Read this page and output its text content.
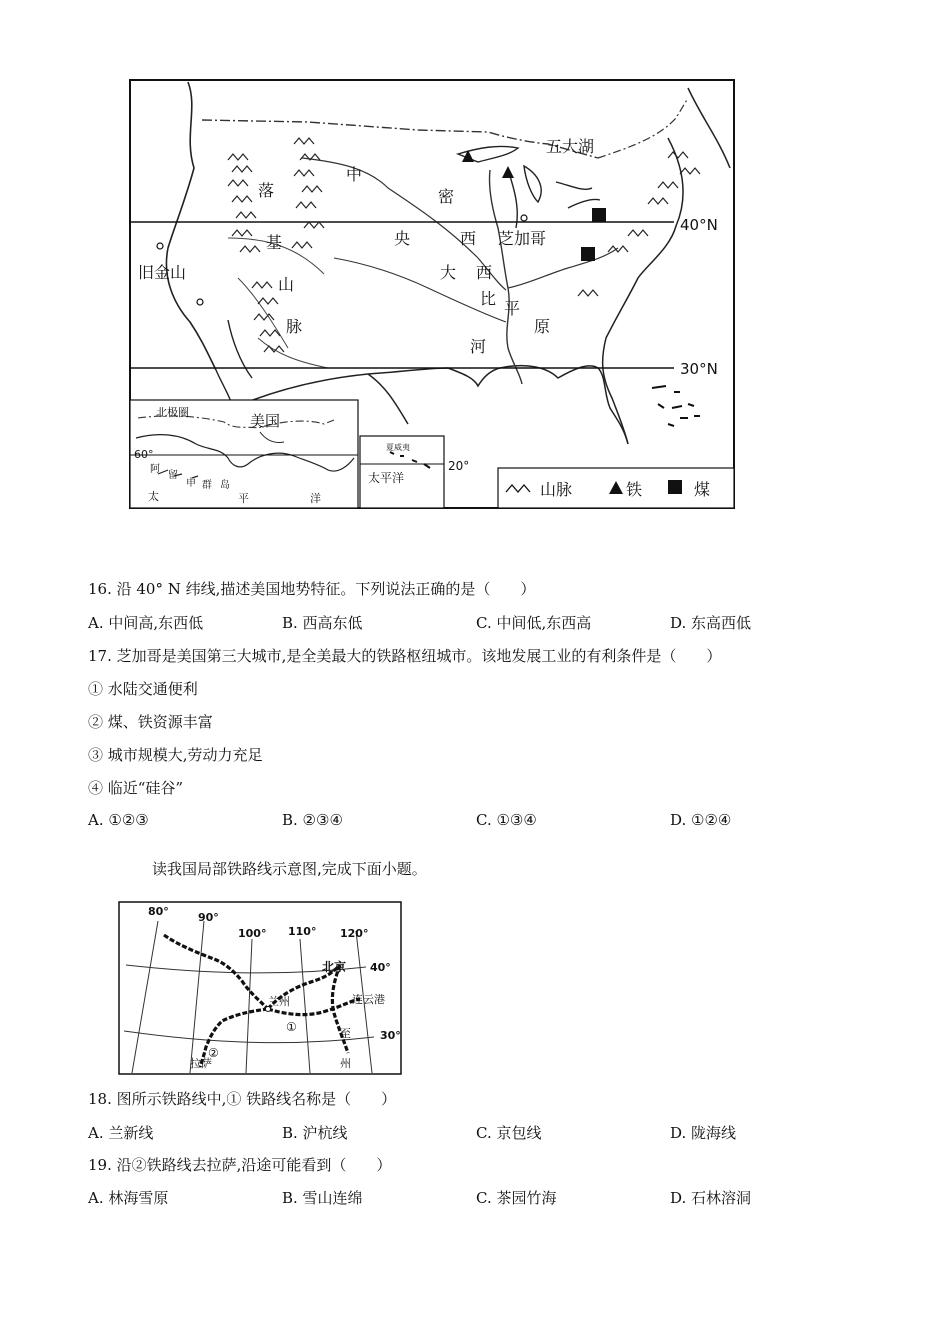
五大湖
40°N
30°N
芝加哥
旧金山
落
基
山
脉
中
央
大
平
原
密
西
西
比
河
北极圈	美国
60°
阿
留
申 群 岛
太	平	洋
夏威夷
太平洋
20°
山脉	铁	煤
16. 沿 40° N 纬线,描述美国地势特征。下列说法正确的是（　　）
A. 中间高,东西低	B. 西高东低	C. 中间低,东西高	D. 东高西低
17. 芝加哥是美国第三大城市,是全美最大的铁路枢纽城市。该地发展工业的有利条件是（　　）
① 水陆交通便利
② 煤、铁资源丰富
③ 城市规模大,劳动力充足
④ 临近“硅谷”
A. ①②③	B. ②③④	C. ①③④	D. ①②④
读我国局部铁路线示意图,完成下面小题。
80°	90°
100° 110° 120°
40°
30°
北京
兰州	连云港
至
州
拉萨
①
②
18. 图所示铁路线中,① 铁路线名称是（　　）
A. 兰新线	B. 沪杭线	C. 京包线	D. 陇海线
19. 沿②铁路线去拉萨,沿途可能看到（　　）
A. 林海雪原	B. 雪山连绵	C. 茶园竹海	D. 石林溶洞
